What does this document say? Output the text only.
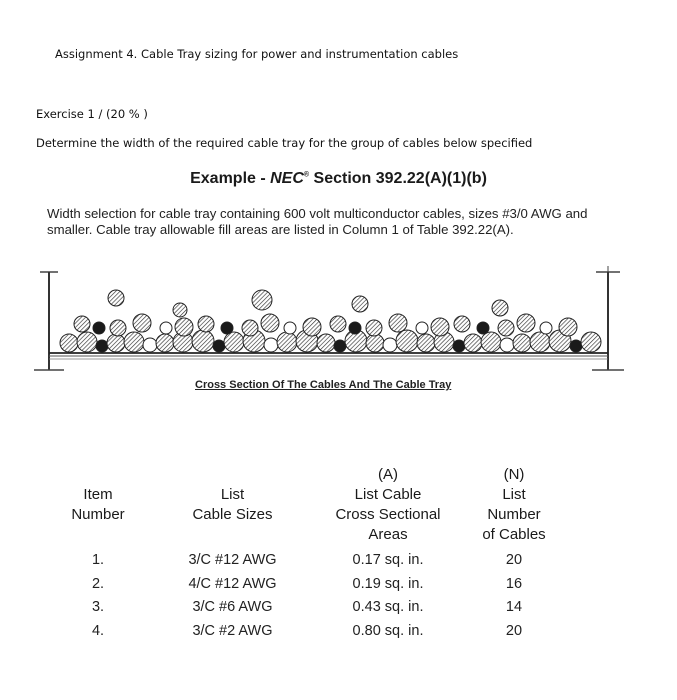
Assignment 4. Cable Tray sizing for power and instrumentation cables
Exercise 1 / (20 % )
Determine the width of the required cable tray for the group of cables below specified
Example - NEC® Section 392.22(A)(1)(b)
Width selection for cable tray containing 600 volt multiconductor cables, sizes #3/0 AWG and
smaller. Cable tray allowable fill areas are listed in Column 1 of Table 392.22(A).
Cross Section Of The Cables And The Cable Tray
Item
Number
List
Cable Sizes
(A)
List Cable
Cross Sectional
Areas
(N)
List
Number
of Cables
1.
2.
3.
4.
3/C #12 AWG
4/C #12 AWG
3/C #6 AWG
3/C #2 AWG
0.17 sq. in.
0.19 sq. in.
0.43 sq. in.
0.80 sq. in.
20
16
14
20
